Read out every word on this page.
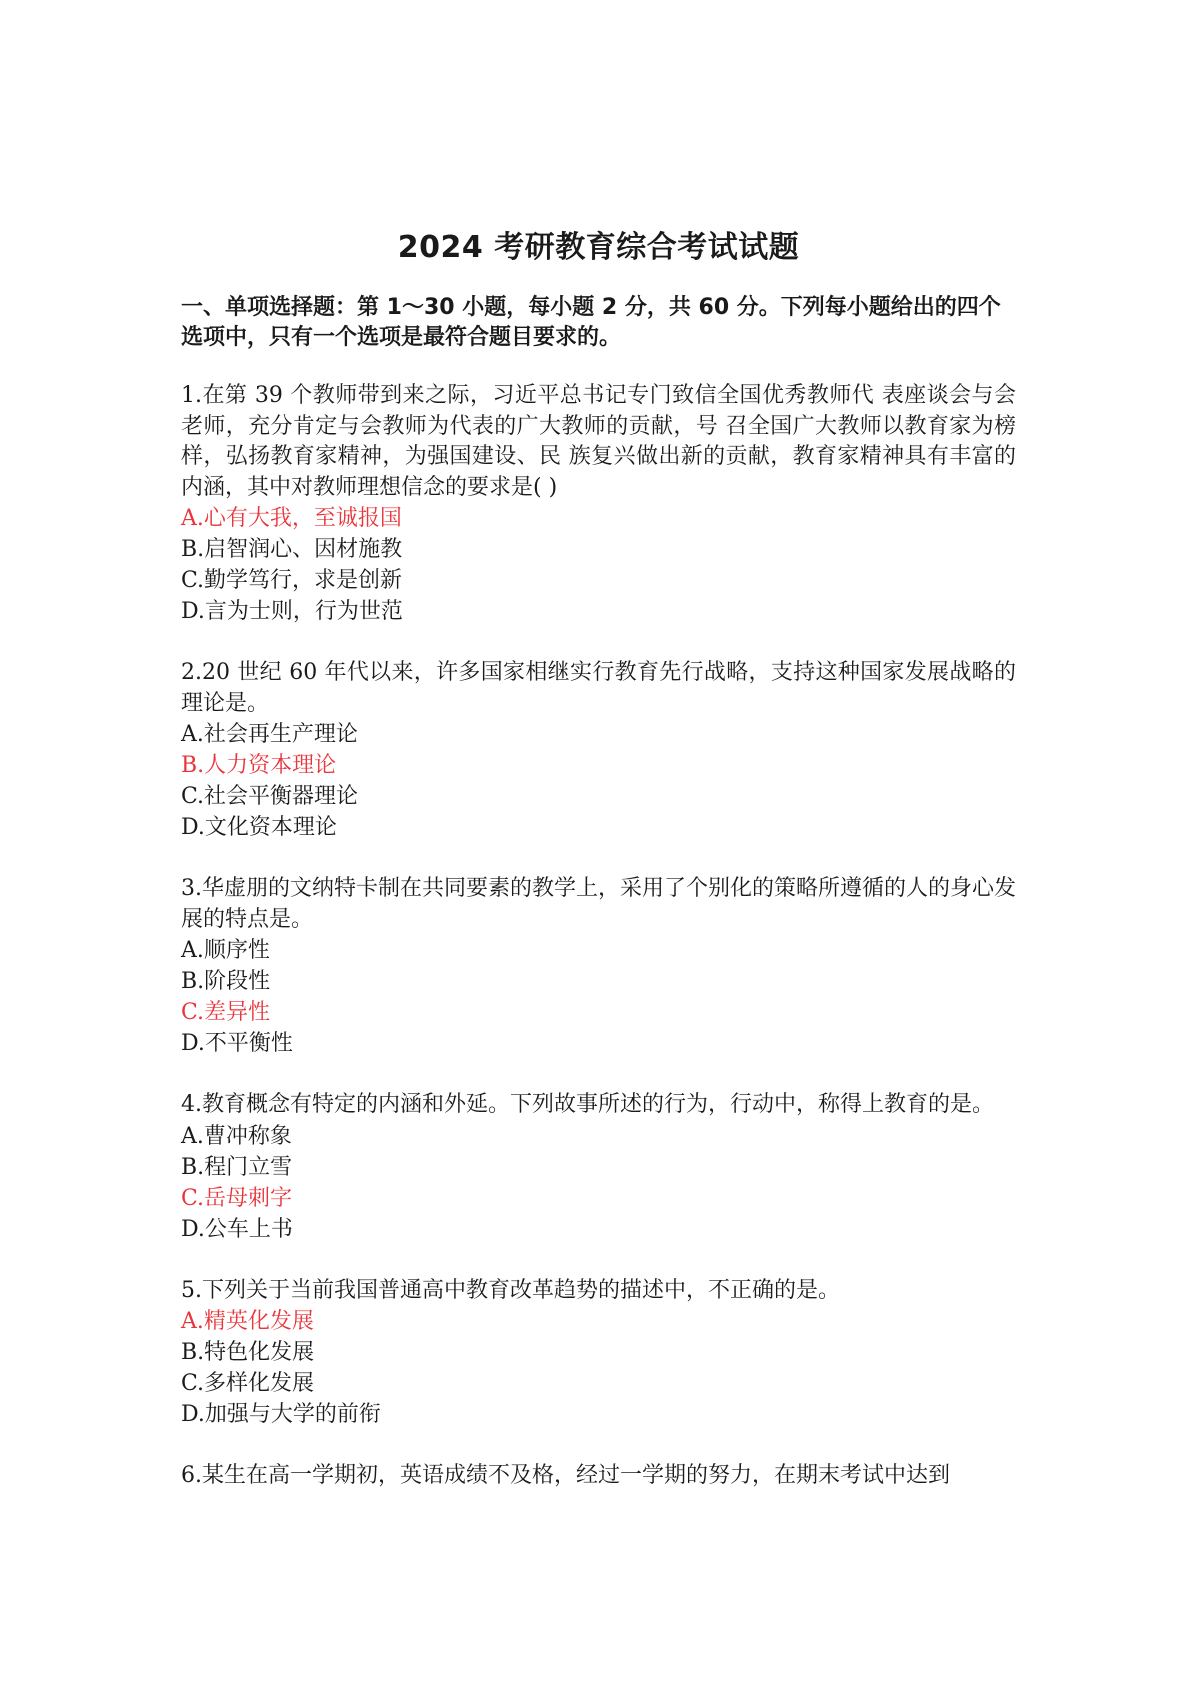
2024 考研教育综合考试试题

一、单项选择题：第 1～30 小题，每小题 2 分，共 60 分。下列每小题给出的四个选项中，只有一个选项是最符合题目要求的。

1.在第 39 个教师带到来之际，习近平总书记专门致信全国优秀教师代 表座谈会与会老师，充分肯定与会教师为代表的广大教师的贡献，号 召全国广大教师以教育家为榜样，弘扬教育家精神，为强国建设、民 族复兴做出新的贡献，教育家精神具有丰富的内涵，其中对教师理想信念的要求是( )

A.心有大我，至诚报国
B.启智润心、因材施教
C.勤学笃行，求是创新
D.言为士则，行为世范

2.20 世纪 60 年代以来，许多国家相继实行教育先行战略，支持这种国家发展战略的理论是。

A.社会再生产理论
B.人力资本理论
C.社会平衡器理论
D.文化资本理论

3.华虚朋的文纳特卡制在共同要素的教学上，采用了个别化的策略所遵循的人的身心发展的特点是。

A.顺序性
B.阶段性
C.差异性
D.不平衡性

4.教育概念有特定的内涵和外延。下列故事所述的行为，行动中，称得上教育的是。

A.曹冲称象
B.程门立雪
C.岳母刺字
D.公车上书

5.下列关于当前我国普通高中教育改革趋势的描述中，不正确的是。

A.精英化发展
B.特色化发展
C.多样化发展
D.加强与大学的前衔

6.某生在高一学期初，英语成绩不及格，经过一学期的努力，在期末考试中达到
